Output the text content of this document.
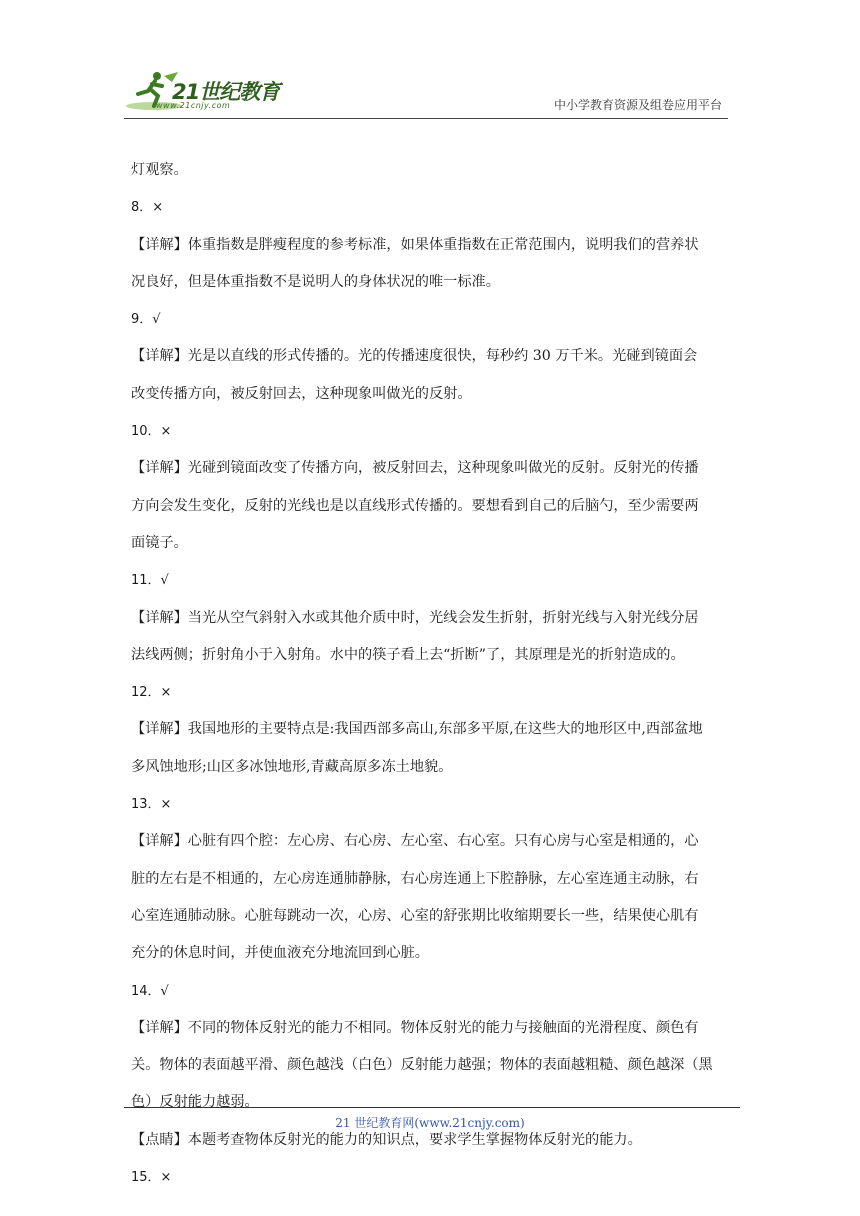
21世纪教育
www.21cnjy.com	中小学教育资源及组卷应用平台
灯观察。
8．×
【详解】体重指数是胖瘦程度的参考标准，如果体重指数在正常范围内，说明我们的营养状
况良好，但是体重指数不是说明人的身体状况的唯一标准。
9．√
【详解】光是以直线的形式传播的。光的传播速度很快，每秒约 30 万千米。光碰到镜面会
改变传播方向，被反射回去，这种现象叫做光的反射。
10．×
【详解】光碰到镜面改变了传播方向，被反射回去，这种现象叫做光的反射。反射光的传播
方向会发生变化，反射的光线也是以直线形式传播的。要想看到自己的后脑勺，至少需要两
面镜子。
11．√
【详解】当光从空气斜射入水或其他介质中时，光线会发生折射，折射光线与入射光线分居
法线两侧；折射角小于入射角。水中的筷子看上去“折断”了，其原理是光的折射造成的。
12．×
【详解】我国地形的主要特点是:我国西部多高山,东部多平原,在这些大的地形区中,西部盆地
多风蚀地形;山区多冰蚀地形,青藏高原多冻土地貌。
13．×
【详解】心脏有四个腔：左心房、右心房、左心室、右心室。只有心房与心室是相通的，心
脏的左右是不相通的，左心房连通肺静脉，右心房连通上下腔静脉，左心室连通主动脉，右
心室连通肺动脉。心脏每跳动一次，心房、心室的舒张期比收缩期要长一些，结果使心肌有
充分的休息时间，并使血液充分地流回到心脏。
14．√
【详解】不同的物体反射光的能力不相同。物体反射光的能力与接触面的光滑程度、颜色有
关。物体的表面越平滑、颜色越浅（白色）反射能力越强；物体的表面越粗糙、颜色越深（黑
色）反射能力越弱。
【点睛】本题考查物体反射光的能力的知识点，要求学生掌握物体反射光的能力。
15．×
21 世纪教育网(www.21cnjy.com)
